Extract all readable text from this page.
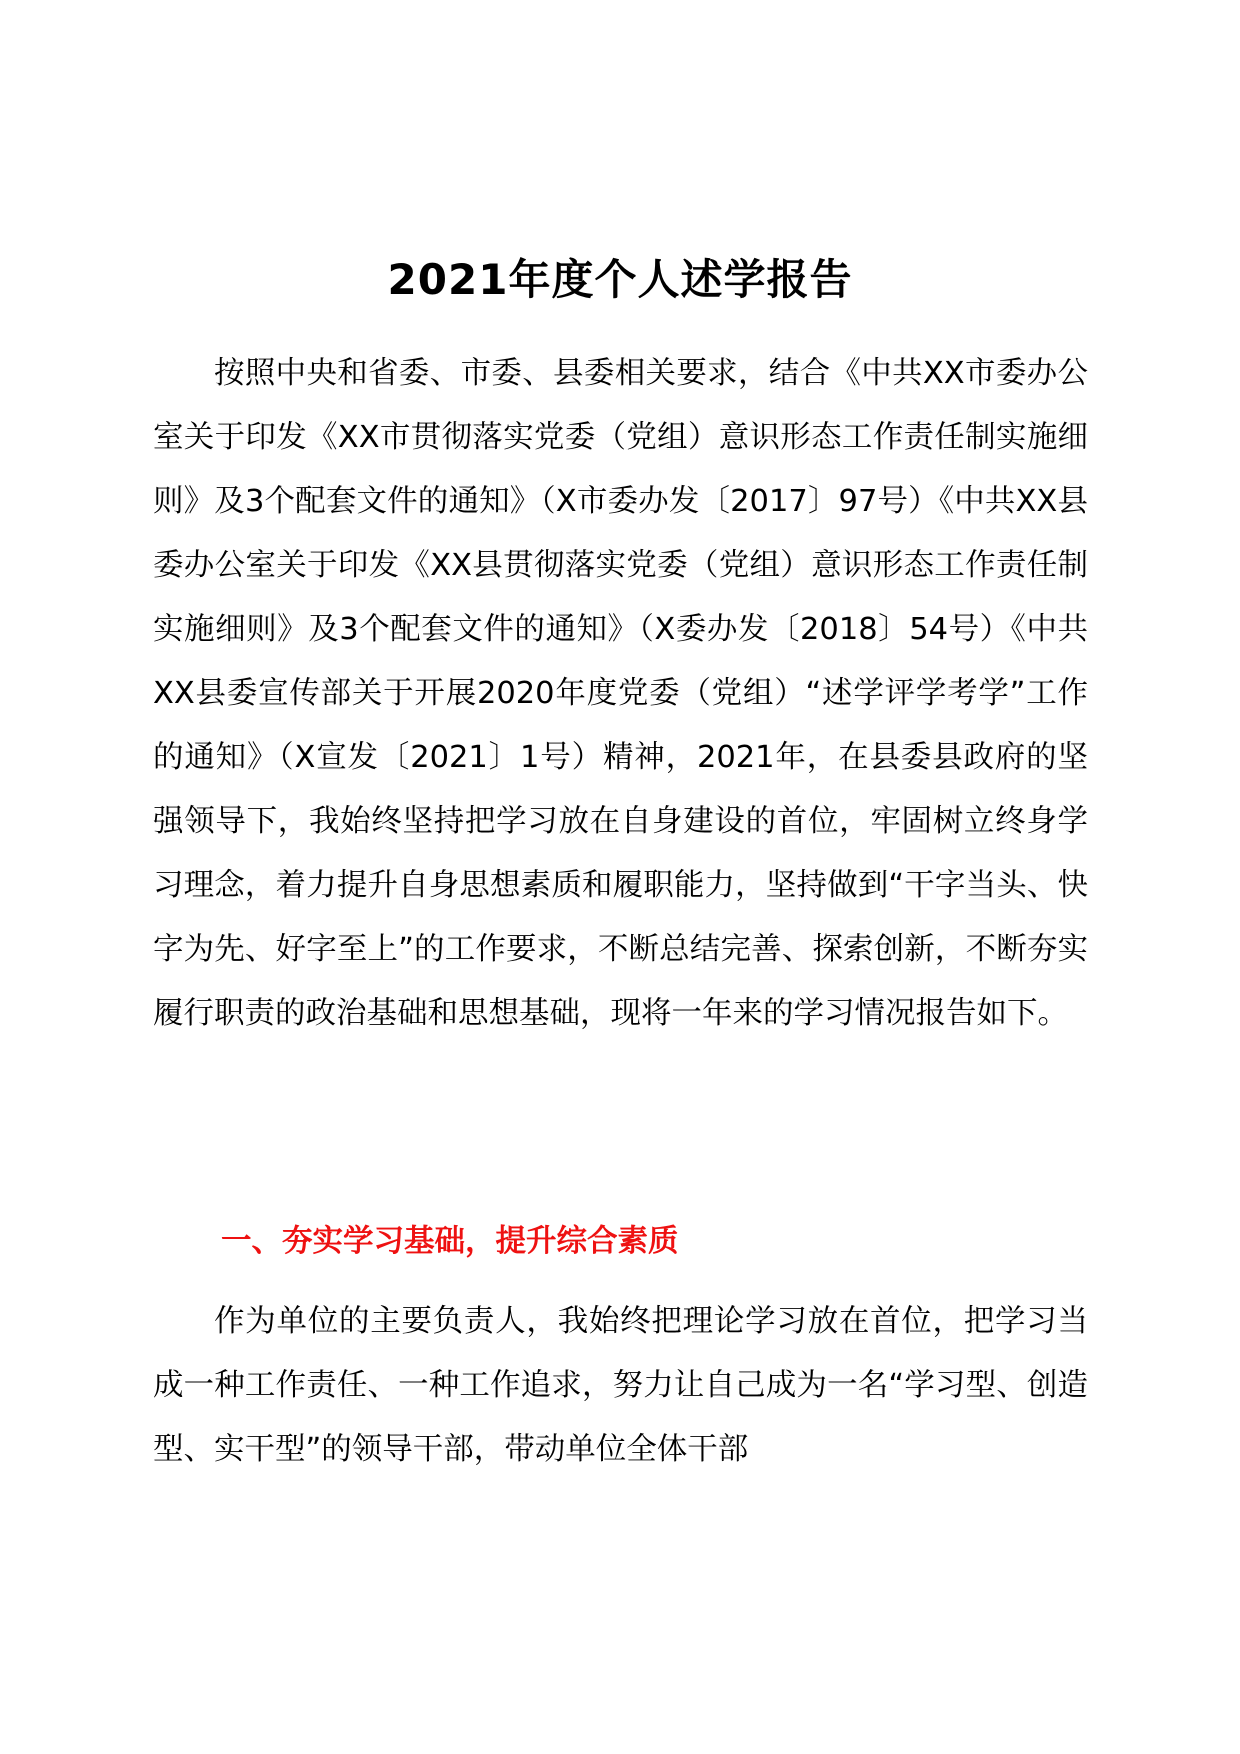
2021年度个人述学报告

按照中央和省委、市委、县委相关要求，结合《中共XX市委办公室关于印发《XX市贯彻落实党委（党组）意识形态工作责任制实施细则》及3个配套文件的通知》（X市委办发〔2017〕97号）《中共XX县委办公室关于印发《XX县贯彻落实党委（党组）意识形态工作责任制实施细则》及3个配套文件的通知》（X委办发〔2018〕54号）《中共XX县委宣传部关于开展2020年度党委（党组）“述学评学考学”工作的通知》（X宣发〔2021〕1号）精神，2021年，在县委县政府的坚强领导下，我始终坚持把学习放在自身建设的首位，牢固树立终身学习理念，着力提升自身思想素质和履职能力，坚持做到“干字当头、快字为先、好字至上”的工作要求，不断总结完善、探索创新，不断夯实履行职责的政治基础和思想基础，现将一年来的学习情况报告如下。

一、夯实学习基础，提升综合素质

作为单位的主要负责人，我始终把理论学习放在首位，把学习当成一种工作责任、一种工作追求，努力让自己成为一名“学习型、创造型、实干型”的领导干部，带动单位全体干部
